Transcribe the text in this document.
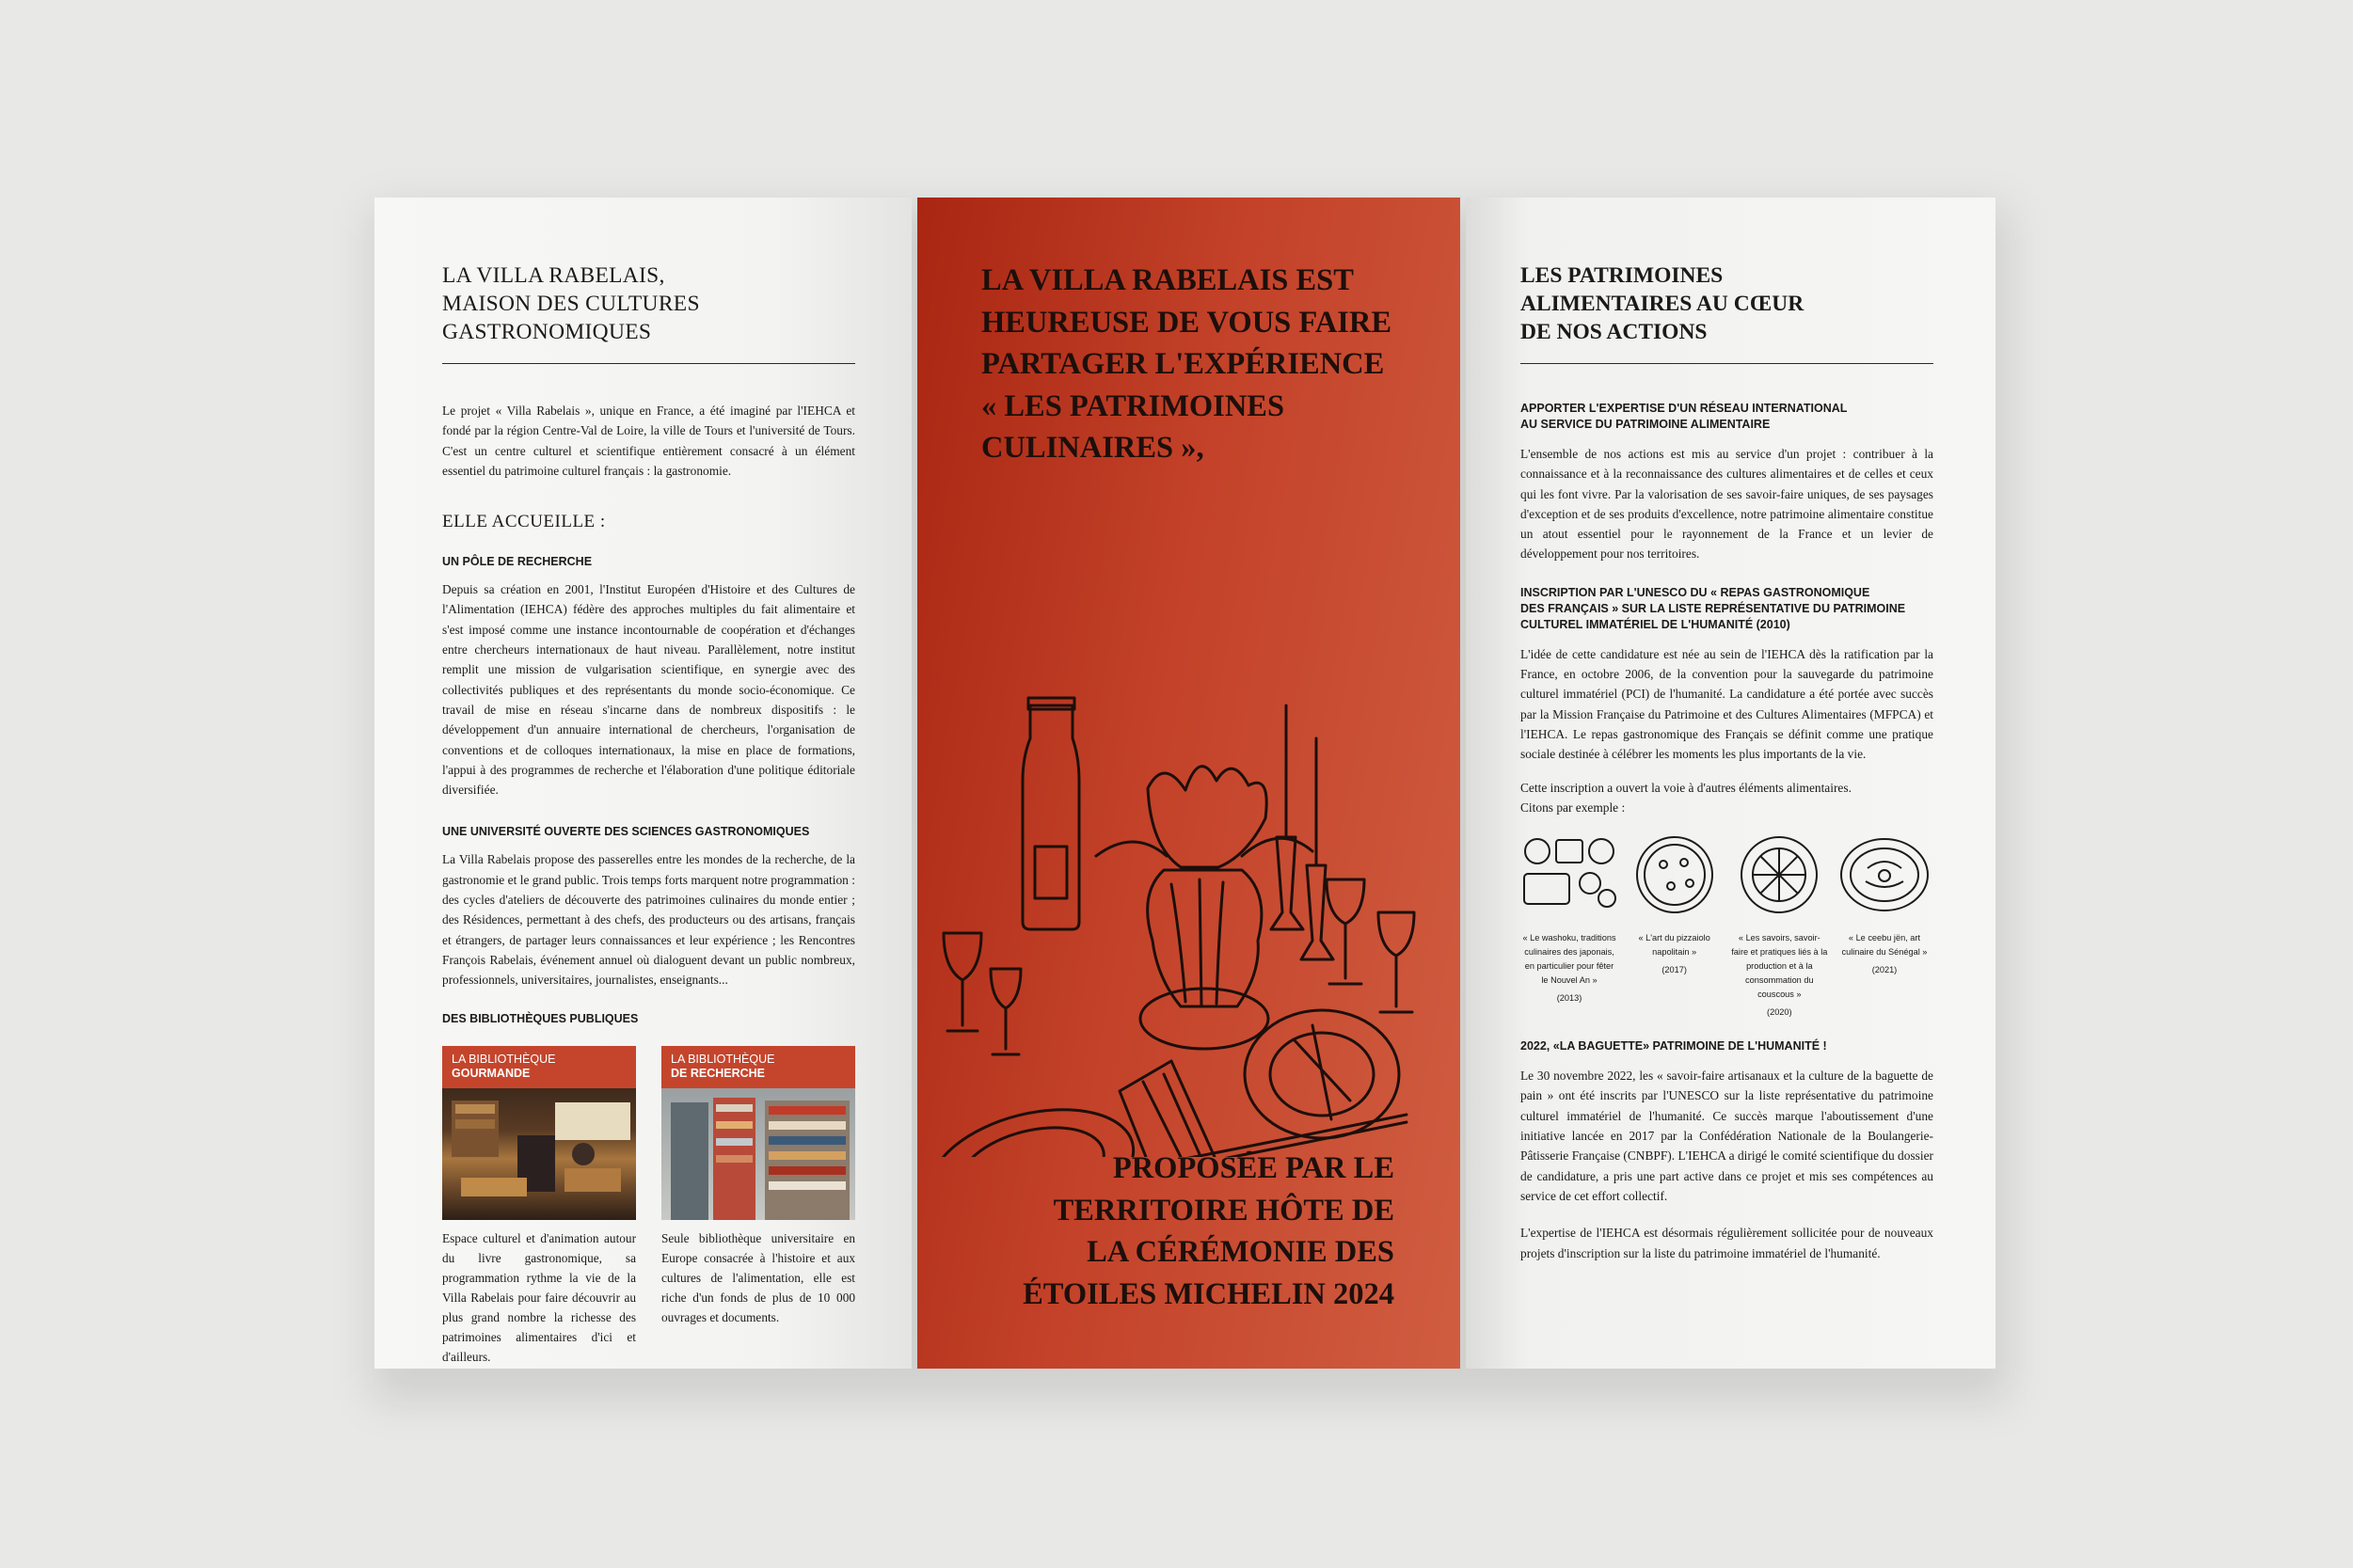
LA VILLA RABELAIS,
MAISON DES CULTURES
GASTRONOMIQUES

Le projet « Villa Rabelais », unique en France, a été imaginé par l'IEHCA et fondé par la région Centre-Val de Loire, la ville de Tours et l'université de Tours. C'est un centre culturel et scientifique entièrement consacré à un élément essentiel du patrimoine culturel français : la gastronomie.

ELLE ACCUEILLE :
UN PÔLE DE RECHERCHE

Depuis sa création en 2001, l'Institut Européen d'Histoire et des Cultures de l'Alimentation (IEHCA) fédère des approches multiples du fait alimentaire et s'est imposé comme une instance incontournable de coopération et d'échanges entre chercheurs internationaux de haut niveau. Parallèlement, notre institut remplit une mission de vulgarisation scientifique, en synergie avec des collectivités publiques et des représentants du monde socio-économique. Ce travail de mise en réseau s'incarne dans de nombreux dispositifs : le développement d'un annuaire international de chercheurs, l'organisation de conventions et de colloques internationaux, la mise en place de formations, l'appui à des programmes de recherche et l'élaboration d'une politique éditoriale diversifiée.

UNE UNIVERSITÉ OUVERTE DES SCIENCES GASTRONOMIQUES

La Villa Rabelais propose des passerelles entre les mondes de la recherche, de la gastronomie et le grand public. Trois temps forts marquent notre programmation : des cycles d'ateliers de découverte des patrimoines culinaires du monde entier ; des Résidences, permettant à des chefs, des producteurs ou des artisans, français et étrangers, de partager leurs connaissances et leur expérience ; les Rencontres François Rabelais, événement annuel où dialoguent devant un public nombreux, professionnels, universitaires, journalistes, enseignants...

DES BIBLIOTHÈQUES PUBLIQUES
LA BIBLIOTHÈQUE
GOURMANDE
Espace culturel et d'animation autour du livre gastronomique, sa programmation rythme la vie de la Villa Rabelais pour faire découvrir au plus grand nombre la richesse des patrimoines alimentaires d'ici et d'ailleurs.
LA BIBLIOTHÈQUE
DE RECHERCHE
Seule bibliothèque universitaire en Europe consacrée à l'histoire et aux cultures de l'alimentation, elle est riche d'un fonds de plus de 10 000 ouvrages et documents.
LA VILLA RABELAIS EST
HEUREUSE DE VOUS FAIRE
PARTAGER L'EXPÉRIENCE
« LES PATRIMOINES
CULINAIRES »,
PROPOSÉE PAR LE
TERRITOIRE HÔTE DE
LA CÉRÉMONIE DES
ÉTOILES MICHELIN 2024
LES PATRIMOINES
ALIMENTAIRES AU CŒUR
DE NOS ACTIONS
APPORTER L'EXPERTISE D'UN RÉSEAU INTERNATIONAL
AU SERVICE DU PATRIMOINE ALIMENTAIRE

L'ensemble de nos actions est mis au service d'un projet : contribuer à la connaissance et à la reconnaissance des cultures alimentaires et de celles et ceux qui les font vivre. Par la valorisation de ses savoir-faire uniques, de ses paysages d'exception et de ses produits d'excellence, notre patrimoine alimentaire constitue un atout essentiel pour le rayonnement de la France et un levier de développement pour nos territoires.

INSCRIPTION PAR L'UNESCO DU « REPAS GASTRONOMIQUE
DES FRANÇAIS » SUR LA LISTE REPRÉSENTATIVE DU PATRIMOINE
CULTUREL IMMATÉRIEL DE L'HUMANITÉ (2010)

L'idée de cette candidature est née au sein de l'IEHCA dès la ratification par la France, en octobre 2006, de la convention pour la sauvegarde du patrimoine culturel immatériel (PCI) de l'humanité. La candidature a été portée avec succès par la Mission Française du Patrimoine et des Cultures Alimentaires (MFPCA) et l'IEHCA. Le repas gastronomique des Français se définit comme une pratique sociale destinée à célébrer les moments les plus importants de la vie.

Cette inscription a ouvert la voie à d'autres éléments alimentaires.
Citons par exemple :

« Le washoku, traditions culinaires des japonais, en particulier pour fêter le Nouvel An »
(2013)
« L'art du pizzaiolo napolitain »
(2017)
« Les savoirs, savoir-faire et pratiques liés à la production et à la consommation du couscous »
(2020)
« Le ceebu jën, art culinaire du Sénégal »
(2021)
2022, «LA BAGUETTE» PATRIMOINE DE L'HUMANITÉ !

Le 30 novembre 2022, les « savoir-faire artisanaux et la culture de la baguette de pain » ont été inscrits par l'UNESCO sur la liste représentative du patrimoine culturel immatériel de l'humanité. Ce succès marque l'aboutissement d'une initiative lancée en 2017 par la Confédération Nationale de la Boulangerie-Pâtisserie Française (CNBPF). L'IEHCA a dirigé le comité scientifique du dossier de candidature, a pris une part active dans ce projet et mis ses compétences au service de cet effort collectif.

L'expertise de l'IEHCA est désormais régulièrement sollicitée pour de nouveaux projets d'inscription sur la liste du patrimoine immatériel de l'humanité.
